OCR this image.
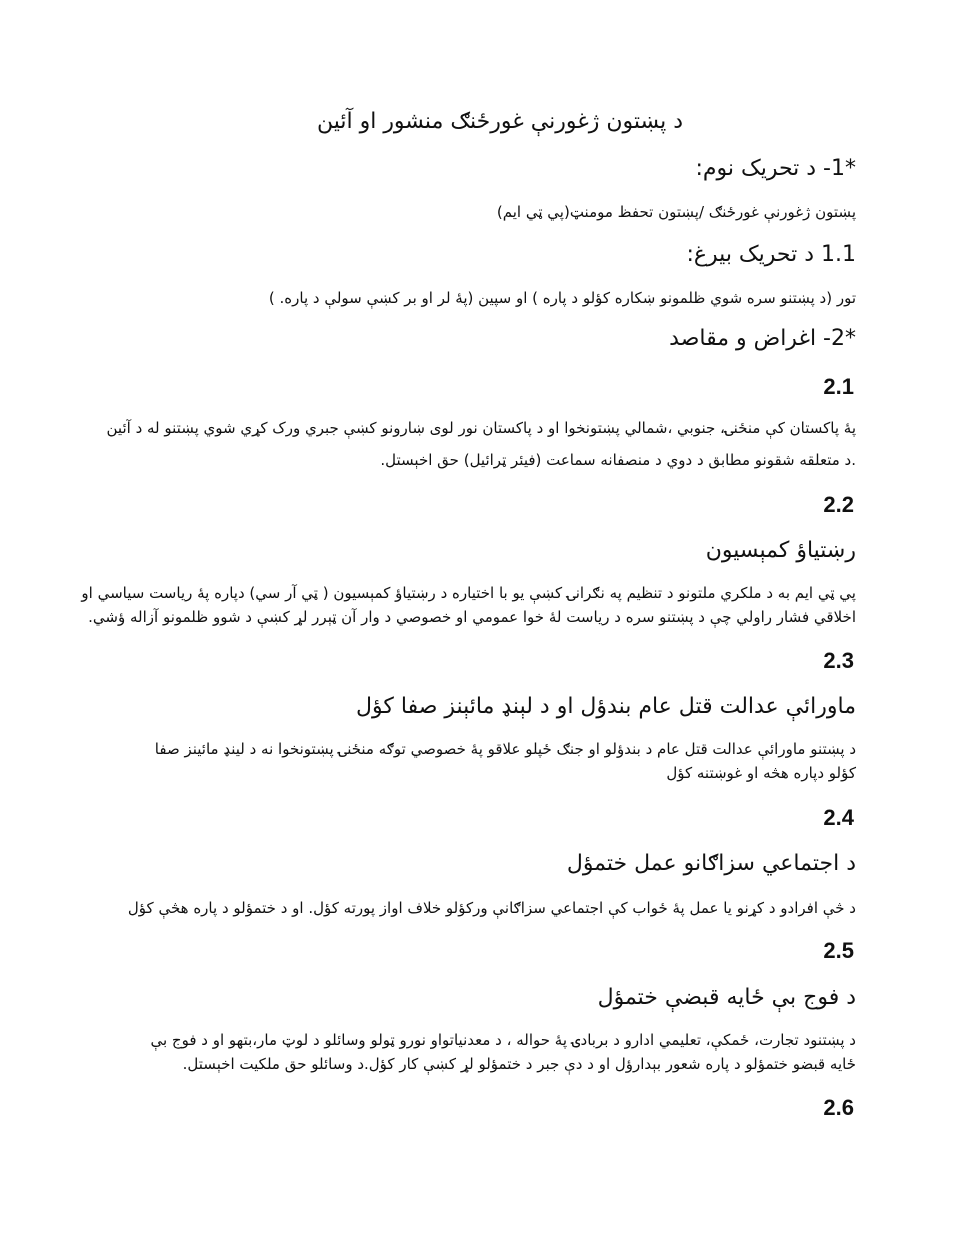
د پښتون ژغورنې غورځنګ منشور او آئین
*1- د تحریک نوم:
پښتون ژغورنې غورځنګ /پښتون تحفظ مومنټ(پي ټي ايم)
1.1 د تحریک بیرغ:
تور (د پښتنو سره شوي ظلمونو ښکاره کؤلو د پاره ) او سپین (پۀ لر او بر کښې سولې د پاره. )
*2- اغراض و مقاصد
2.1
پۀ پاکستان کې منځنۍ، جنوبي ،شمالي پښتونخوا او د پاکستان نور لوی ښارونو کښې جبري ورک کړي شوي پښتنو له د آئین
.د متعلقه شقونو مطابق د دوي د منصفانه سماعت (فیئر ټرائیل) حق اخېستل.
2.2
رښتیاؤ کمېسیون
پي ټي ایم به د ملکري ملتونو د تنظیم په نګرانۍ کښې یو با اختیاره د رښتیاؤ کمېسیون ( ټي آر سي) دپاره پۀ ریاست سیاسي او
اخلاقي فشار راولي چې د پښتنو سره د ریاست لۀ خوا عمومي او خصوصي د وار آن ټېرر لړ کښې د شوو ظلمونو آزاله ؤشي.
2.3
ماورائې عدالت قتل عام بندؤل او د لېنډ مائېنز صفا کؤل
د پښتنو ماورائې عدالت قتل عام د بندؤلو او جنګ ځپلو علاقو پۀ خصوصي توګه منځنۍ پښتونخوا نه د لینډ مائینز صفا
کؤلو دپاره هڅه او غوښتنه کؤل
2.4
د اجتماعي سزاګانو عمل ختمؤل
د څې افرادو د کړنو یا عمل پۀ ځواب کې اجتماعي سزاګانې ورکؤلو خلاف اواز پورته کؤل. او د ختمؤلو د پاره هڅې کؤل
2.5
د فوج بې ځایه قبضې ختمؤل
د پښتنود تجارت، ځمکې، تعلیمي ادارو د بربادۍ پۀ حواله ، د معدنیاتواو نورو ټولو وسائلو د لوټ مار،بتهو او د فوج بې
ځایه قبضو ختمؤلو د پاره شعور بېدارؤل او د دې جبر د ختمؤلو لړ کښې کار کؤل.د وسائلو حق ملکیت اخېستل.
2.6
